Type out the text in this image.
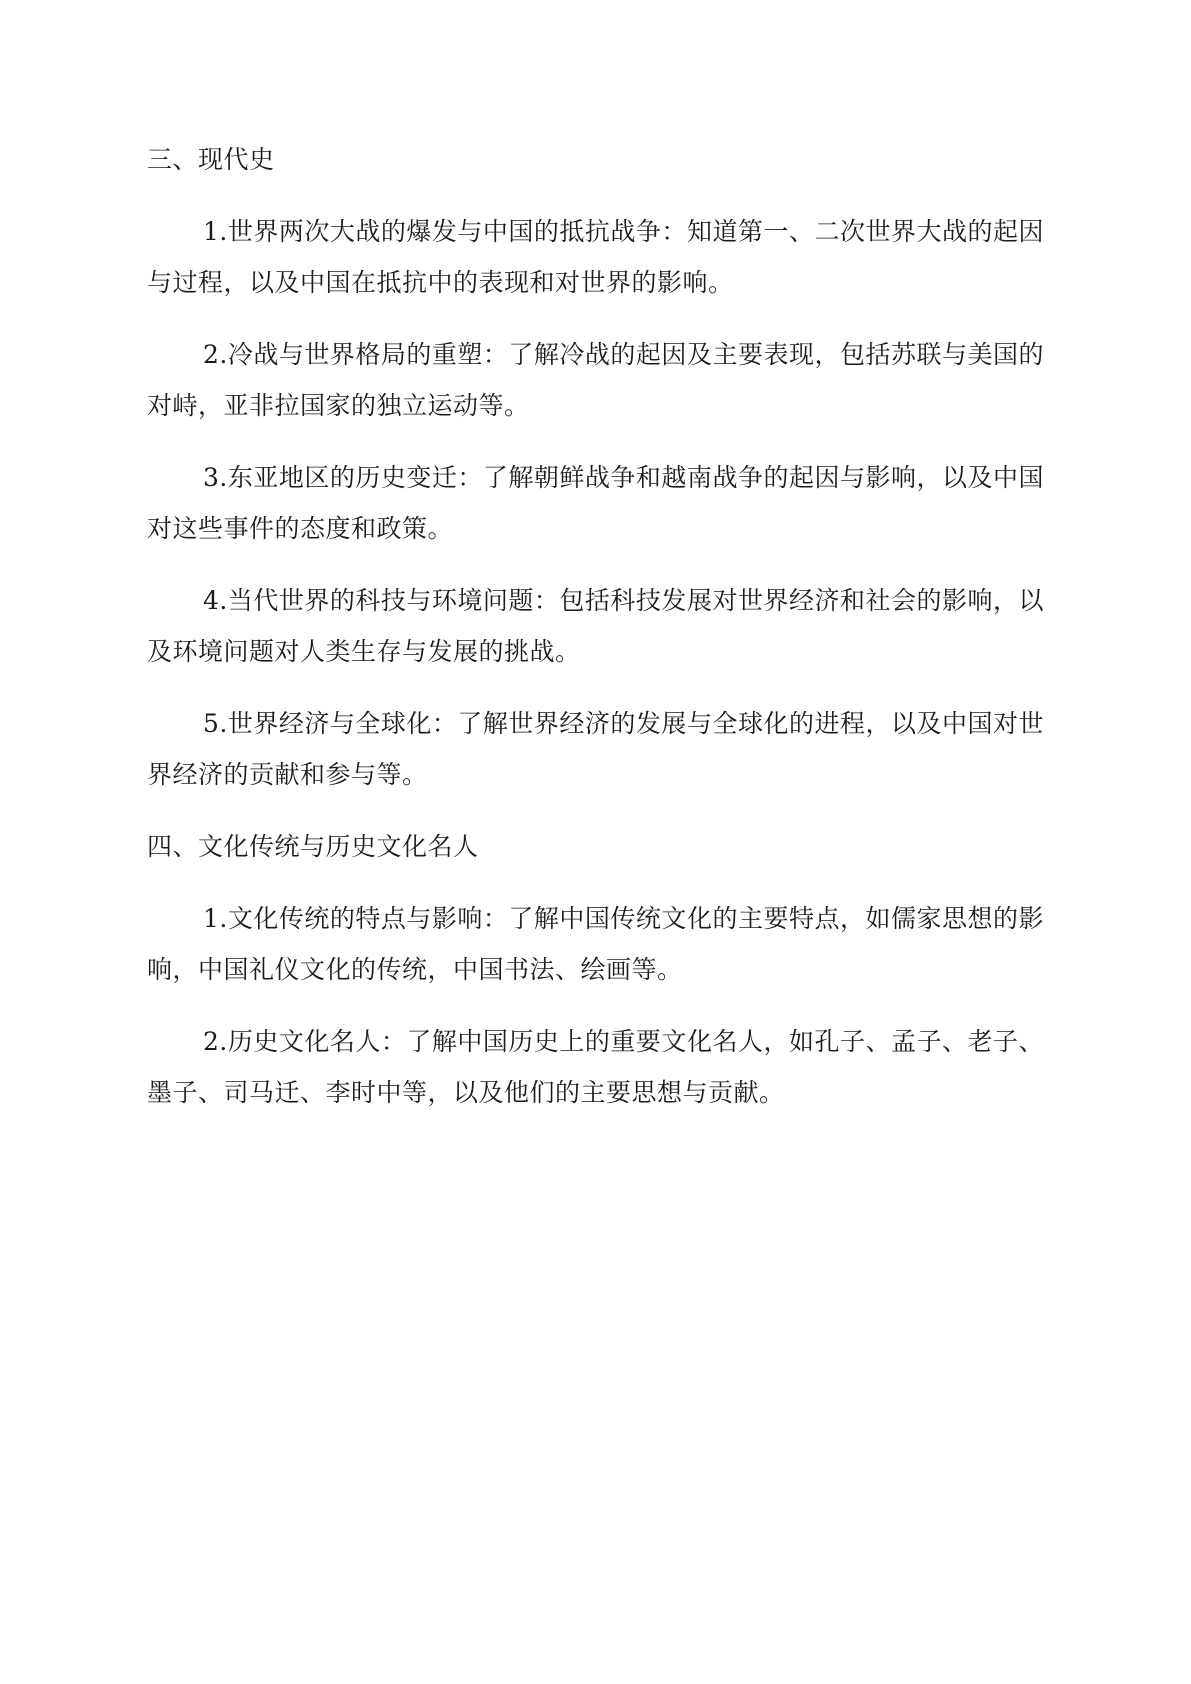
三、现代史

1.世界两次大战的爆发与中国的抵抗战争：知道第一、二次世界大战的起因与过程，以及中国在抵抗中的表现和对世界的影响。

2.冷战与世界格局的重塑：了解冷战的起因及主要表现，包括苏联与美国的对峙，亚非拉国家的独立运动等。

3.东亚地区的历史变迁：了解朝鲜战争和越南战争的起因与影响，以及中国对这些事件的态度和政策。

4.当代世界的科技与环境问题：包括科技发展对世界经济和社会的影响，以及环境问题对人类生存与发展的挑战。

5.世界经济与全球化：了解世界经济的发展与全球化的进程，以及中国对世界经济的贡献和参与等。

四、文化传统与历史文化名人

1.文化传统的特点与影响：了解中国传统文化的主要特点，如儒家思想的影响，中国礼仪文化的传统，中国书法、绘画等。

2.历史文化名人：了解中国历史上的重要文化名人，如孔子、孟子、老子、墨子、司马迁、李时中等，以及他们的主要思想与贡献。
